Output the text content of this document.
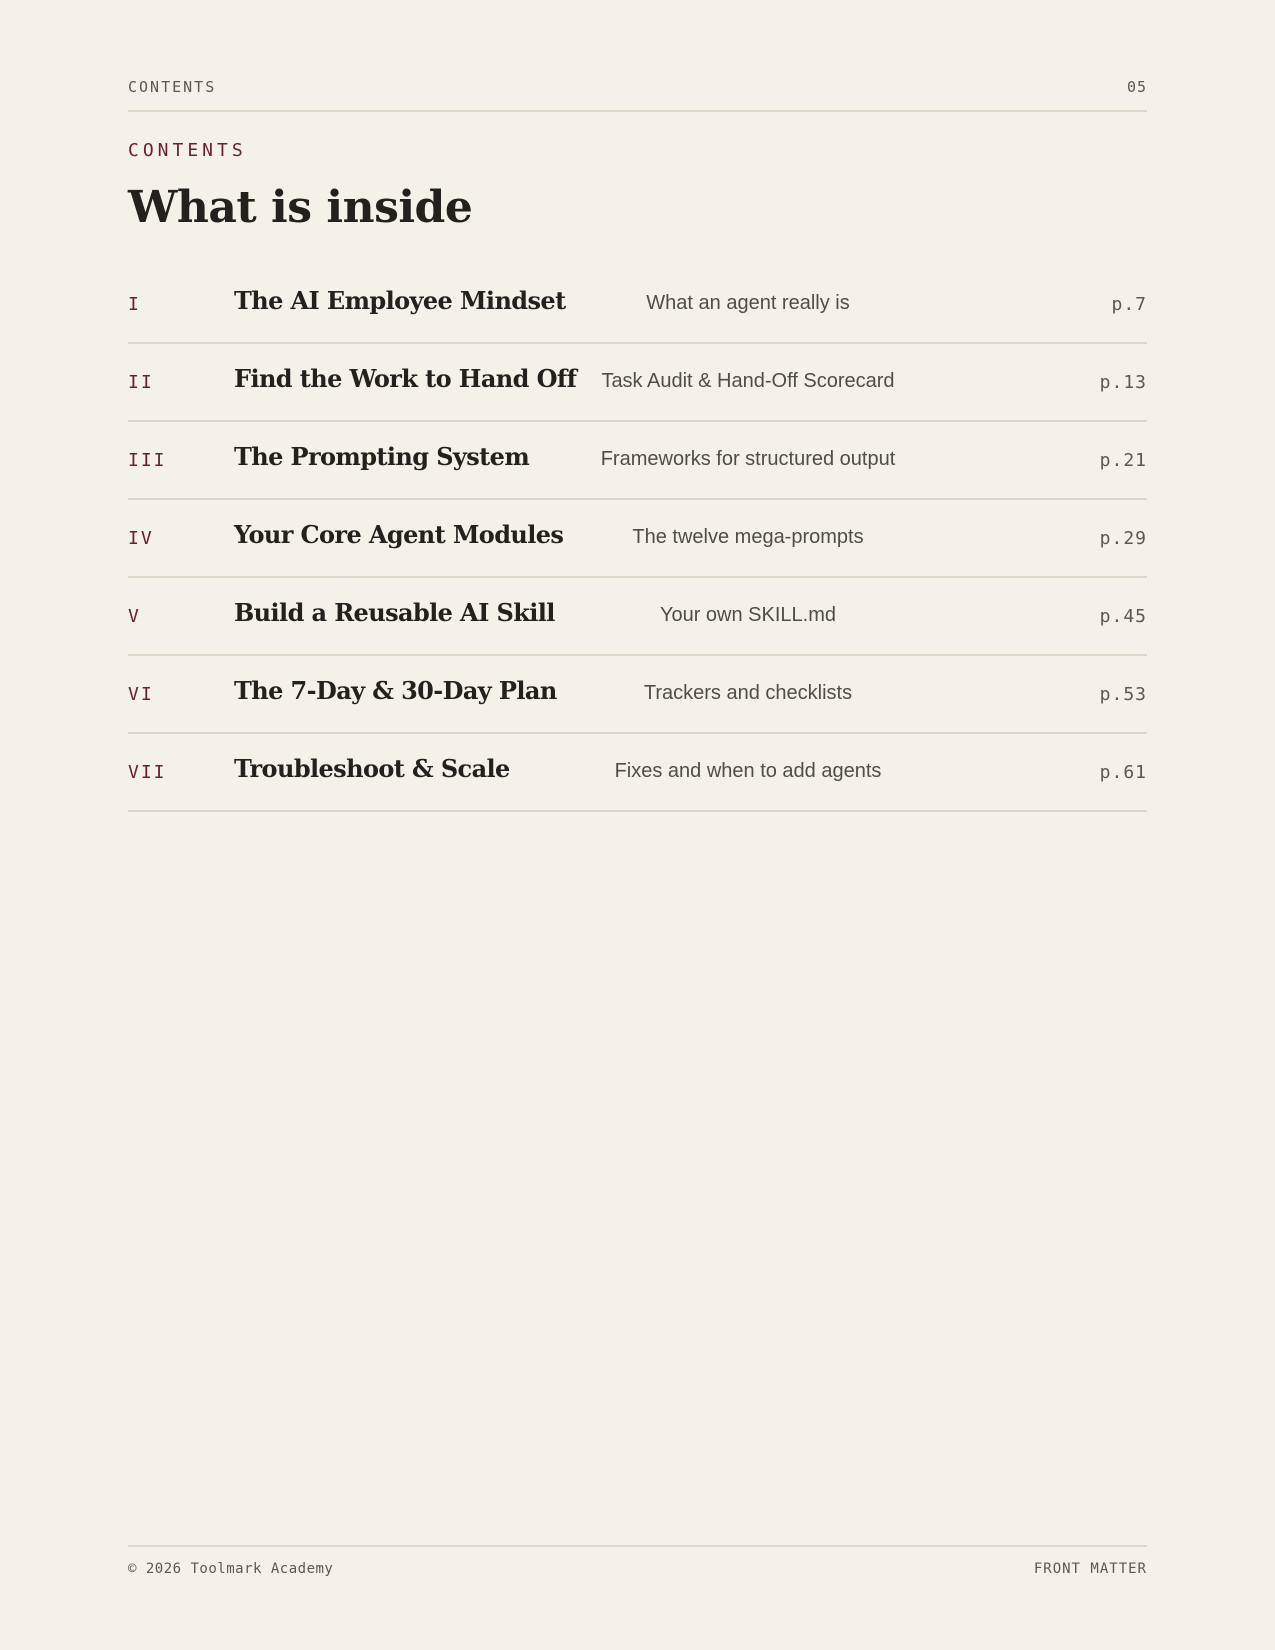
CONTENTS	05
CONTENTS
What is inside
I	The AI Employee Mindset	What an agent really is	p.7
II	Find the Work to Hand Off	Task Audit & Hand-Off Scorecard	p.13
III	The Prompting System	Frameworks for structured output	p.21
IV	Your Core Agent Modules	The twelve mega-prompts	p.29
V	Build a Reusable AI Skill	Your own SKILL.md	p.45
VI	The 7-Day & 30-Day Plan	Trackers and checklists	p.53
VII	Troubleshoot & Scale	Fixes and when to add agents	p.61
© 2026 Toolmark Academy	FRONT MATTER
